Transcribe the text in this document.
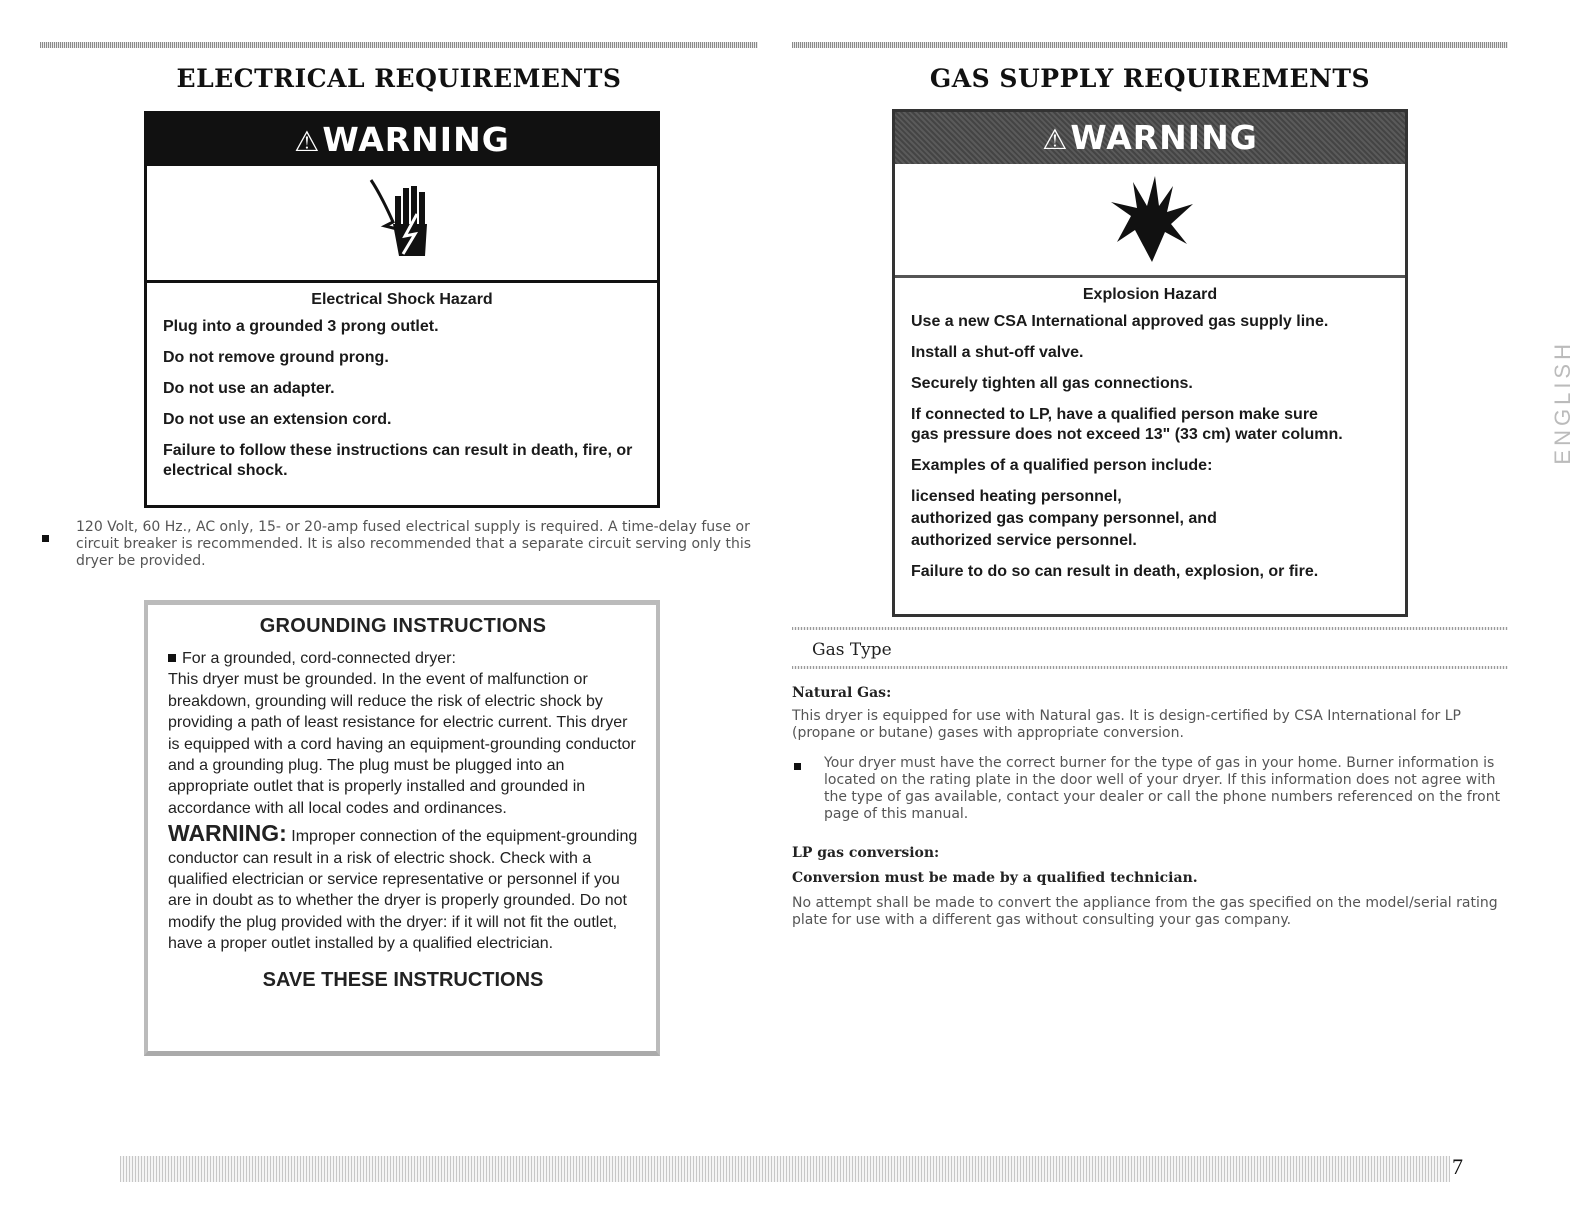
ELECTRICAL REQUIREMENTS
⚠WARNING
Electrical Shock Hazard
Plug into a grounded 3 prong outlet.
Do not remove ground prong.
Do not use an adapter.
Do not use an extension cord.
Failure to follow these instructions can result in death, fire, or electrical shock.

120 Volt, 60 Hz., AC only, 15- or 20-amp fused electrical supply is required. A time-delay fuse or circuit breaker is recommended. It is also recommended that a separate circuit serving only this dryer be provided.

GROUNDING INSTRUCTIONS
For a grounded, cord-connected dryer:
This dryer must be grounded. In the event of malfunction or breakdown, grounding will reduce the risk of electric shock by providing a path of least resistance for electric current. This dryer is equipped with a cord having an equipment-grounding conductor and a grounding plug. The plug must be plugged into an appropriate outlet that is properly installed and grounded in accordance with all local codes and ordinances.
WARNING: Improper connection of the equipment-grounding conductor can result in a risk of electric shock. Check with a qualified electrician or service representative or personnel if you are in doubt as to whether the dryer is properly grounded. Do not modify the plug provided with the dryer: if it will not fit the outlet, have a proper outlet installed by a qualified electrician.
SAVE THESE INSTRUCTIONS
GAS SUPPLY REQUIREMENTS
⚠WARNING
Explosion Hazard
Use a new CSA International approved gas supply line.
Install a shut-off valve.
Securely tighten all gas connections.
If connected to LP, have a qualified person make sure gas pressure does not exceed 13" (33 cm) water column.
Examples of a qualified person include:
licensed heating personnel,
authorized gas company personnel, and
authorized service personnel.
Failure to do so can result in death, explosion, or fire.
Gas Type
Natural Gas:

This dryer is equipped for use with Natural gas. It is design-certified by CSA International for LP (propane or butane) gases with appropriate conversion.

Your dryer must have the correct burner for the type of gas in your home. Burner information is located on the rating plate in the door well of your dryer. If this information does not agree with the type of gas available, contact your dealer or call the phone numbers referenced on the front page of this manual.

LP gas conversion:
Conversion must be made by a qualified technician.

No attempt shall be made to convert the appliance from the gas specified on the model/serial rating plate for use with a different gas without consulting your gas company.

ENGLISH
7
